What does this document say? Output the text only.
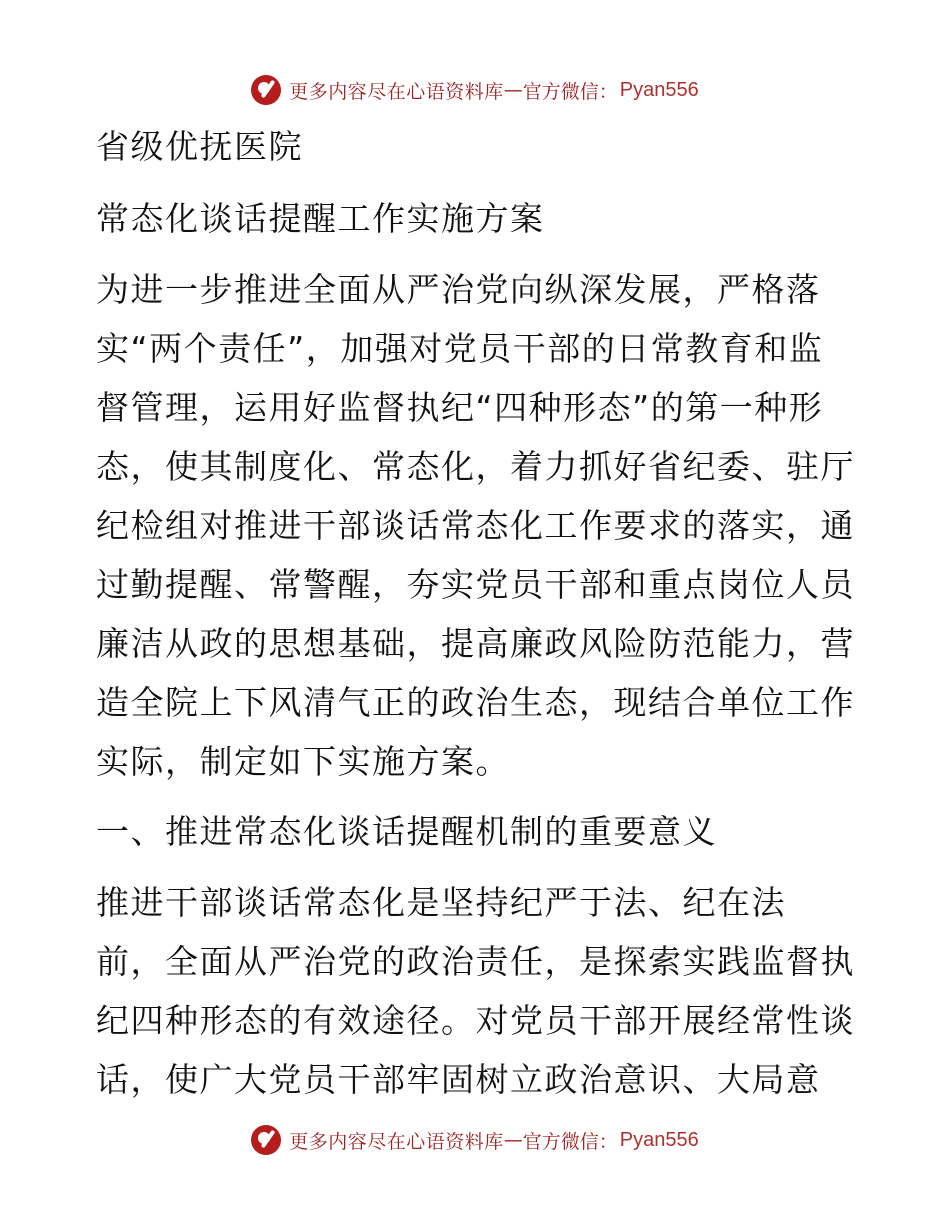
更多内容尽在心语资料库 — 官方微信： Pyan556
省级优抚医院
常态化谈话提醒工作实施方案
为进一步推进全面从严治党向纵深发展，严格落
实“两个责任”，加强对党员干部的日常教育和监
督管理，运用好监督执纪“四种形态”的第一种形
态，使其制度化、常态化，着力抓好省纪委、驻厅
纪检组对推进干部谈话常态化工作要求的落实，通
过勤提醒、常警醒，夯实党员干部和重点岗位人员
廉洁从政的思想基础，提高廉政风险防范能力，营
造全院上下风清气正的政治生态，现结合单位工作
实际，制定如下实施方案。
一、推进常态化谈话提醒机制的重要意义
推进干部谈话常态化是坚持纪严于法、纪在法
前，全面从严治党的政治责任，是探索实践监督执
纪四种形态的有效途径。对党员干部开展经常性谈
话，使广大党员干部牢固树立政治意识、大局意
更多内容尽在心语资料库 — 官方微信： Pyan556
